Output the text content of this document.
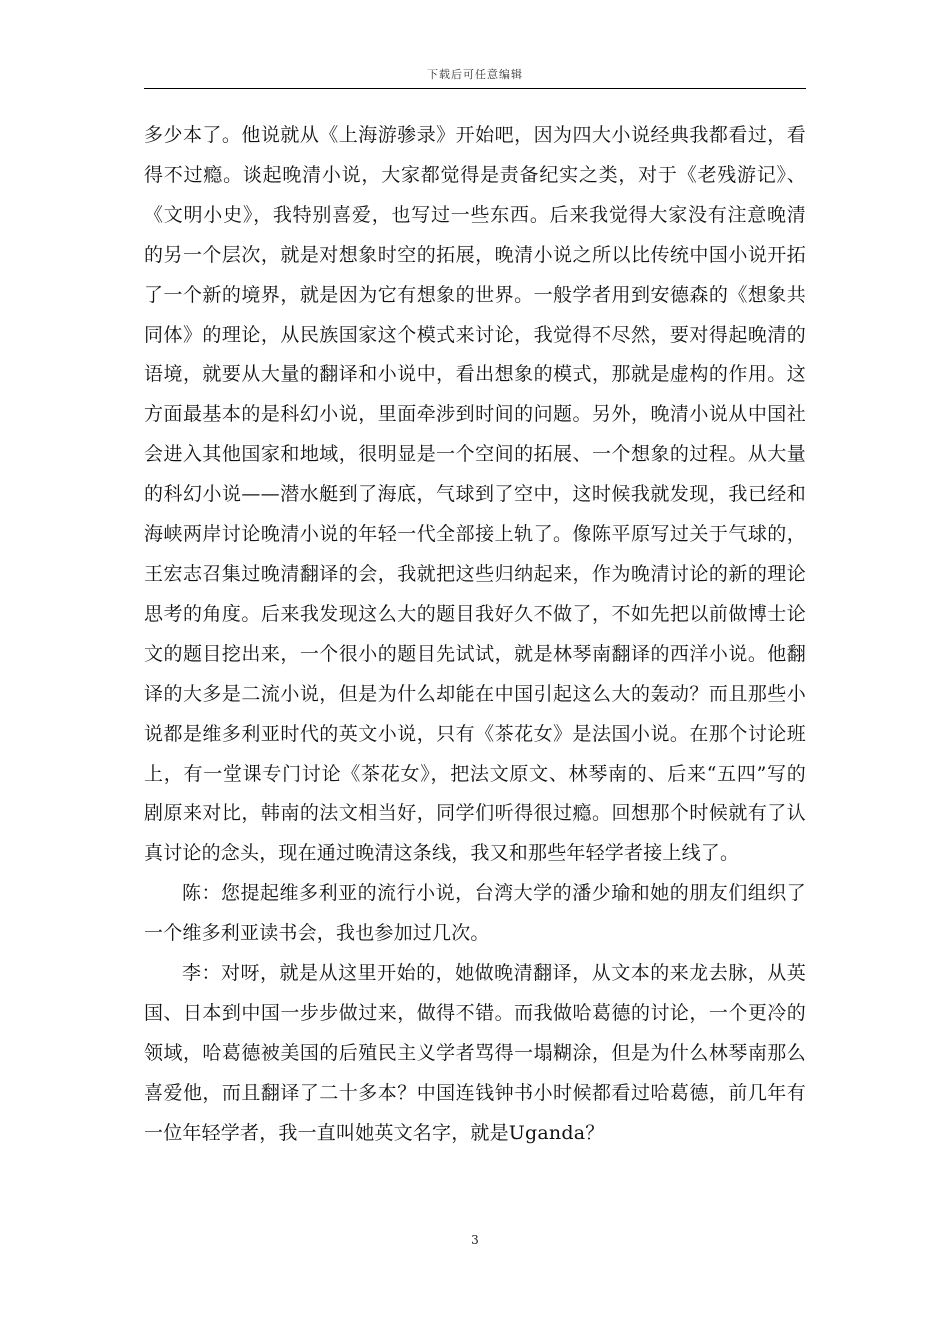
下载后可任意编辑

多少本了。他说就从《上海游骖录》开始吧，因为四大小说经典我都看过，看得不过瘾。谈起晚清小说，大家都觉得是责备纪实之类，对于《老残游记》、《文明小史》，我特别喜爱，也写过一些东西。后来我觉得大家没有注意晚清的另一个层次，就是对想象时空的拓展，晚清小说之所以比传统中国小说开拓了一个新的境界，就是因为它有想象的世界。一般学者用到安德森的《想象共同体》的理论，从民族国家这个模式来讨论，我觉得不尽然，要对得起晚清的语境，就要从大量的翻译和小说中，看出想象的模式，那就是虚构的作用。这方面最基本的是科幻小说，里面牵涉到时间的问题。另外，晚清小说从中国社会进入其他国家和地域，很明显是一个空间的拓展、一个想象的过程。从大量的科幻小说——潜水艇到了海底，气球到了空中，这时候我就发现，我已经和海峡两岸讨论晚清小说的年轻一代全部接上轨了。像陈平原写过关于气球的，王宏志召集过晚清翻译的会，我就把这些归纳起来，作为晚清讨论的新的理论思考的角度。后来我发现这么大的题目我好久不做了，不如先把以前做博士论文的题目挖出来，一个很小的题目先试试，就是林琴南翻译的西洋小说。他翻译的大多是二流小说，但是为什么却能在中国引起这么大的轰动？而且那些小说都是维多利亚时代的英文小说，只有《茶花女》是法国小说。在那个讨论班上，有一堂课专门讨论《茶花女》，把法文原文、林琴南的、后来“五四”写的剧原来对比，韩南的法文相当好，同学们听得很过瘾。回想那个时候就有了认真讨论的念头，现在通过晚清这条线，我又和那些年轻学者接上线了。

陈：您提起维多利亚的流行小说，台湾大学的潘少瑜和她的朋友们组织了一个维多利亚读书会，我也参加过几次。

李：对呀，就是从这里开始的，她做晚清翻译，从文本的来龙去脉，从英国、日本到中国一步步做过来，做得不错。而我做哈葛德的讨论，一个更冷的领域，哈葛德被美国的后殖民主义学者骂得一塌糊涂，但是为什么林琴南那么喜爱他，而且翻译了二十多本？中国连钱钟书小时候都看过哈葛德，前几年有一位年轻学者，我一直叫她英文名字，就是Uganda？

3
